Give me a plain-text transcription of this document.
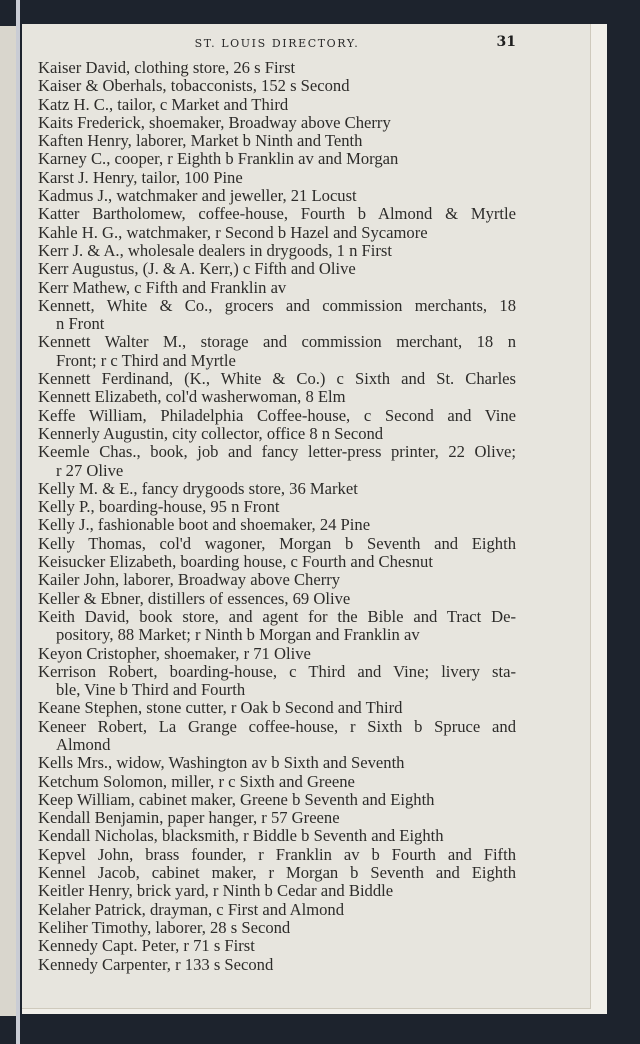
ST. LOUIS DIRECTORY.	31
Kaiser David, clothing store, 26 s First
Kaiser & Oberhals, tobacconists, 152 s Second
Katz H. C., tailor, c Market and Third
Kaits Frederick, shoemaker, Broadway above Cherry
Kaften Henry, laborer, Market b Ninth and Tenth
Karney C., cooper, r Eighth b Franklin av and Morgan
Karst J. Henry, tailor, 100 Pine
Kadmus J., watchmaker and jeweller, 21 Locust
Katter Bartholomew, coffee-house, Fourth b Almond & Myrtle
Kahle H. G., watchmaker, r Second b Hazel and Sycamore
Kerr J. & A., wholesale dealers in drygoods, 1 n First
Kerr Augustus, (J. & A. Kerr,) c Fifth and Olive
Kerr Mathew, c Fifth and Franklin av
Kennett, White & Co., grocers and commission merchants, 18
n Front
Kennett Walter M., storage and commission merchant, 18 n
Front; r c Third and Myrtle
Kennett Ferdinand, (K., White & Co.) c Sixth and St. Charles
Kennett Elizabeth, col'd washerwoman, 8 Elm
Keffe William, Philadelphia Coffee-house, c Second and Vine
Kennerly Augustin, city collector, office 8 n Second
Keemle Chas., book, job and fancy letter-press printer, 22 Olive;
r 27 Olive
Kelly M. & E., fancy drygoods store, 36 Market
Kelly P., boarding-house, 95 n Front
Kelly J., fashionable boot and shoemaker, 24 Pine
Kelly Thomas, col'd wagoner, Morgan b Seventh and Eighth
Keisucker Elizabeth, boarding house, c Fourth and Chesnut
Kailer John, laborer, Broadway above Cherry
Keller & Ebner, distillers of essences, 69 Olive
Keith David, book store, and agent for the Bible and Tract De-
pository, 88 Market; r Ninth b Morgan and Franklin av
Keyon Cristopher, shoemaker, r 71 Olive
Kerrison Robert, boarding-house, c Third and Vine; livery sta-
ble, Vine b Third and Fourth
Keane Stephen, stone cutter, r Oak b Second and Third
Keneer Robert, La Grange coffee-house, r Sixth b Spruce and
Almond
Kells Mrs., widow, Washington av b Sixth and Seventh
Ketchum Solomon, miller, r c Sixth and Greene
Keep William, cabinet maker, Greene b Seventh and Eighth
Kendall Benjamin, paper hanger, r 57 Greene
Kendall Nicholas, blacksmith, r Biddle b Seventh and Eighth
Kepvel John, brass founder, r Franklin av b Fourth and Fifth
Kennel Jacob, cabinet maker, r Morgan b Seventh and Eighth
Keitler Henry, brick yard, r Ninth b Cedar and Biddle
Kelaher Patrick, drayman, c First and Almond
Keliher Timothy, laborer, 28 s Second
Kennedy Capt. Peter, r 71 s First
Kennedy Carpenter, r 133 s Second
